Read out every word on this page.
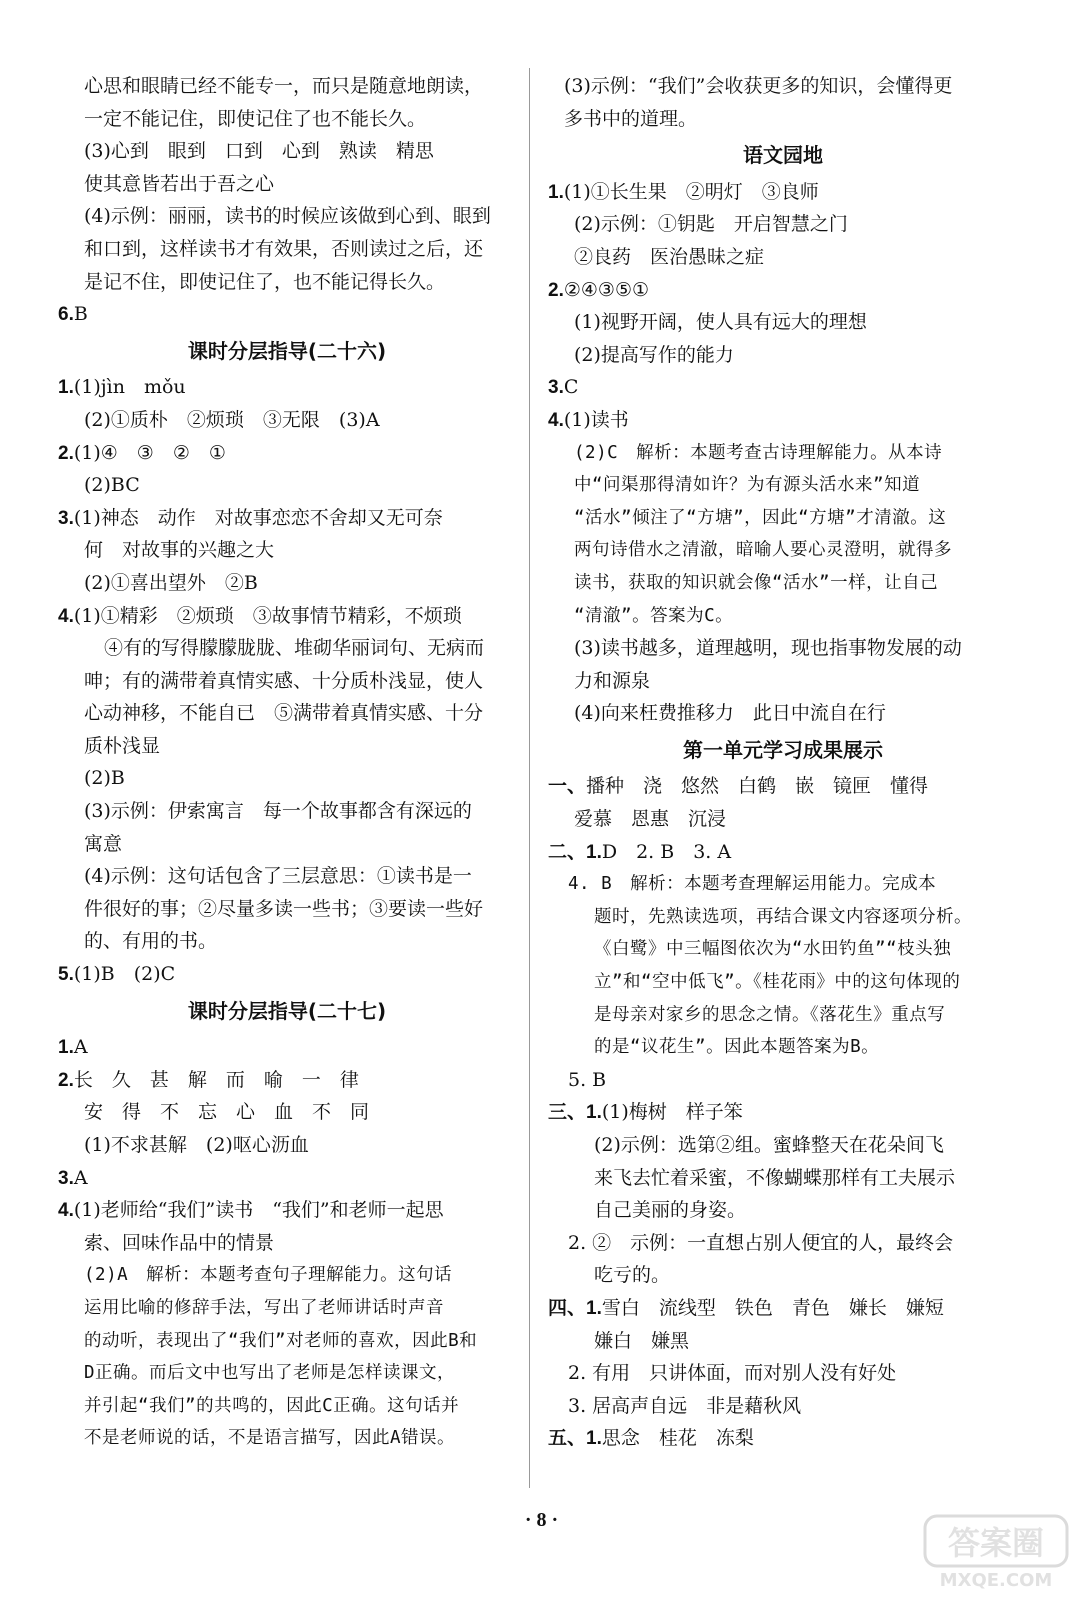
心思和眼睛已经不能专一，而只是随意地朗读，
一定不能记住，即使记住了也不能长久。
(3)心到　眼到　口到　心到　熟读　精思
使其意皆若出于吾之心
(4)示例：丽丽，读书的时候应该做到心到、眼到
和口到，这样读书才有效果，否则读过之后，还
是记不住，即使记住了，也不能记得长久。
6.B
课时分层指导(二十六)
1.(1)jìn　mǒu
(2)①质朴　②烦琐　③无限　(3)A
2.(1)④　③　②　①
(2)BC
3.(1)神态　动作　对故事恋恋不舍却又无可奈
何　对故事的兴趣之大
(2)①喜出望外　②B
4.(1)①精彩　②烦琐　③故事情节精彩，不烦琐
④有的写得朦朦胧胧、堆砌华丽词句、无病而
呻；有的满带着真情实感、十分质朴浅显，使人
心动神移，不能自已　⑤满带着真情实感、十分
质朴浅显
(2)B
(3)示例：伊索寓言　每一个故事都含有深远的
寓意
(4)示例：这句话包含了三层意思：①读书是一
件很好的事；②尽量多读一些书；③要读一些好
的、有用的书。
5.(1)B　(2)C
课时分层指导(二十七)
1.A
2.长　久　甚　解　而　喻　一　律
安　得　不　忘　心　血　不　同
(1)不求甚解　(2)呕心沥血
3.A
4.(1)老师给“我们”读书　“我们”和老师一起思
索、回味作品中的情景
(2)A　解析：本题考查句子理解能力。这句话
运用比喻的修辞手法，写出了老师讲话时声音
的动听，表现出了“我们”对老师的喜欢，因此B和
D正确。而后文中也写出了老师是怎样读课文，
并引起“我们”的共鸣的，因此C正确。这句话并
不是老师说的话，不是语言描写，因此A错误。
(3)示例：“我们”会收获更多的知识，会懂得更
多书中的道理。
语文园地
1.(1)①长生果　②明灯　③良师
(2)示例：①钥匙　开启智慧之门
②良药　医治愚昧之症
2.②④③⑤①
(1)视野开阔，使人具有远大的理想
(2)提高写作的能力
3.C
4.(1)读书
(2)C　解析：本题考查古诗理解能力。从本诗
中“问渠那得清如许？为有源头活水来”知道
“活水”倾注了“方塘”，因此“方塘”才清澈。这
两句诗借水之清澈，暗喻人要心灵澄明，就得多
读书，获取的知识就会像“活水”一样，让自己
“清澈”。答案为C。
(3)读书越多，道理越明，现也指事物发展的动
力和源泉
(4)向来枉费推移力　此日中流自在行
第一单元学习成果展示
一、播种　浇　悠然　白鹤　嵌　镜匣　懂得
爱慕　恩惠　沉浸
二、1.D　2. B　3. A
4. B　解析：本题考查理解运用能力。完成本
题时，先熟读选项，再结合课文内容逐项分析。
《白鹭》中三幅图依次为“水田钓鱼”“枝头独
立”和“空中低飞”。《桂花雨》中的这句体现的
是母亲对家乡的思念之情。《落花生》重点写
的是“议花生”。因此本题答案为B。
5. B
三、1.(1)梅树　样子笨
(2)示例：选第②组。蜜蜂整天在花朵间飞
来飞去忙着采蜜，不像蝴蝶那样有工夫展示
自己美丽的身姿。
2. ②　示例：一直想占别人便宜的人，最终会
吃亏的。
四、1.雪白　流线型　铁色　青色　嫌长　嫌短
嫌白　嫌黑
2. 有用　只讲体面，而对别人没有好处
3. 居高声自远　非是藉秋风
五、1.思念　桂花　冻梨
· 8 ·
答案圈
MXQE.COM
